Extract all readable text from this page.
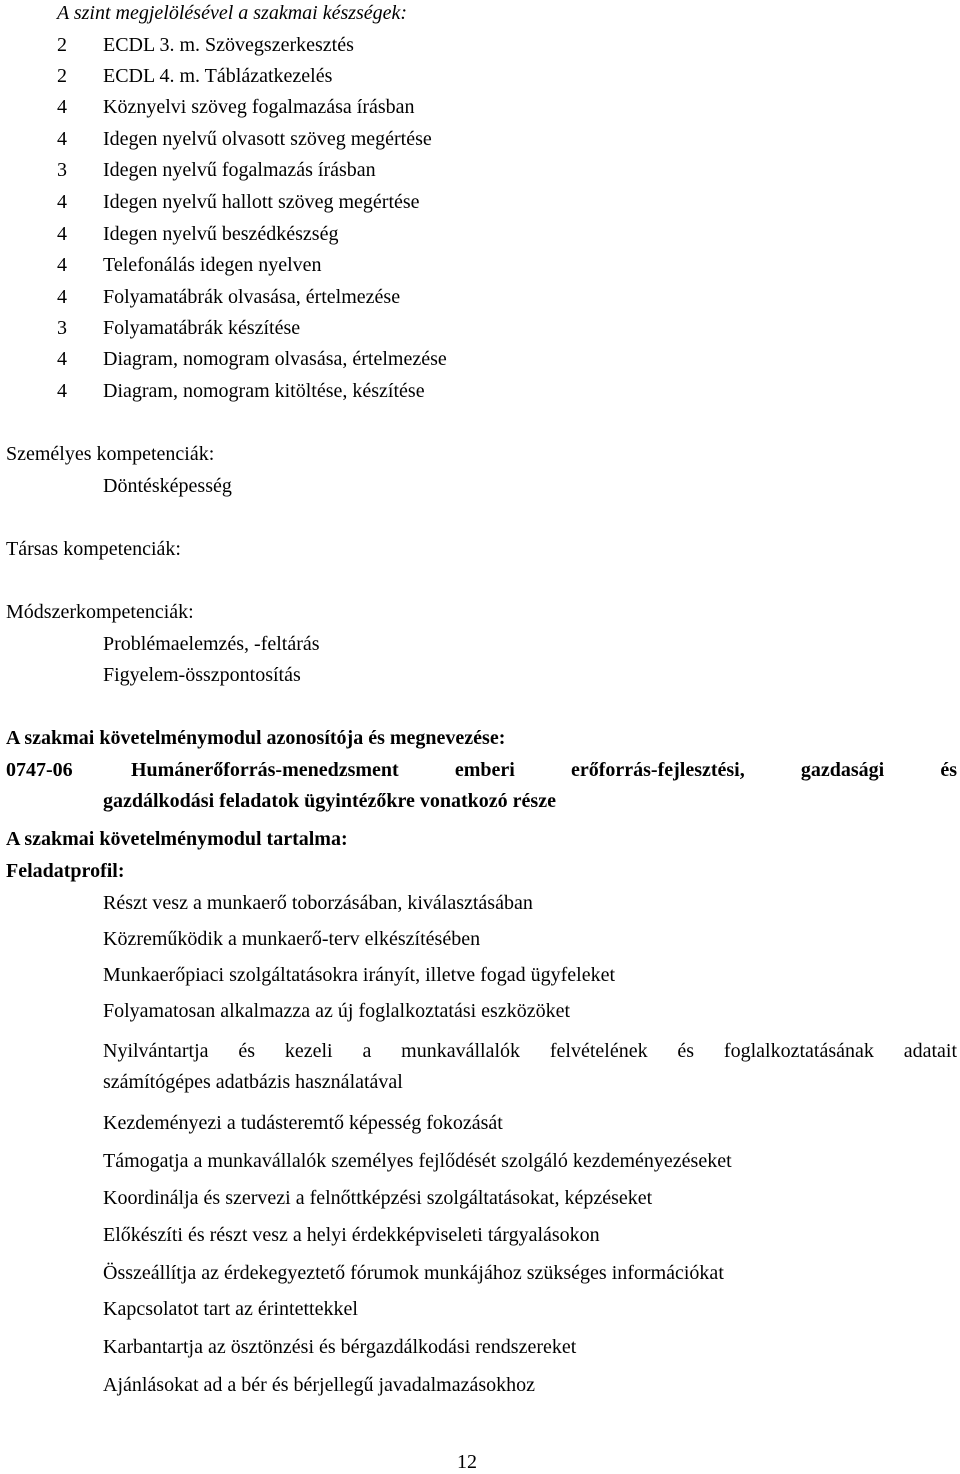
A szint megjelölésével a szakmai készségek:
2 ECDL 3. m. Szövegszerkesztés
2 ECDL 4. m. Táblázatkezelés
4 Köznyelvi szöveg fogalmazása írásban
4 Idegen nyelvű olvasott szöveg megértése
3 Idegen nyelvű fogalmazás írásban
4 Idegen nyelvű hallott szöveg megértése
4 Idegen nyelvű beszédkészség
4 Telefonálás idegen nyelven
4 Folyamatábrák olvasása, értelmezése
3 Folyamatábrák készítése
4 Diagram, nomogram olvasása, értelmezése
4 Diagram, nomogram kitöltése, készítése
Személyes kompetenciák:
Döntésképesség
Társas kompetenciák:
Módszerkompetenciák:
Problémaelemzés, -feltárás
Figyelem-összpontosítás
A szakmai követelménymodul azonosítója és megnevezése:
0747-06	Humánerőforrás-menedzsment emberi erőforrás-fejlesztési, gazdasági és
gazdálkodási feladatok ügyintézőkre vonatkozó része
A szakmai követelménymodul tartalma:
Feladatprofil:
Részt vesz a munkaerő toborzásában, kiválasztásában
Közreműködik a munkaerő-terv elkészítésében
Munkaerőpiaci szolgáltatásokra irányít, illetve fogad ügyfeleket
Folyamatosan alkalmazza az új foglalkoztatási eszközöket
Nyilvántartja és kezeli a munkavállalók felvételének és foglalkoztatásának adatait
számítógépes adatbázis használatával
Kezdeményezi a tudásteremtő képesség fokozását
Támogatja a munkavállalók személyes fejlődését szolgáló kezdeményezéseket
Koordinálja és szervezi a felnőttképzési szolgáltatásokat, képzéseket
Előkészíti és részt vesz a helyi érdekképviseleti tárgyalásokon
Összeállítja az érdekegyeztető fórumok munkájához szükséges információkat
Kapcsolatot tart az érintettekkel
Karbantartja az ösztönzési és bérgazdálkodási rendszereket
Ajánlásokat ad a bér és bérjellegű javadalmazásokhoz
12
